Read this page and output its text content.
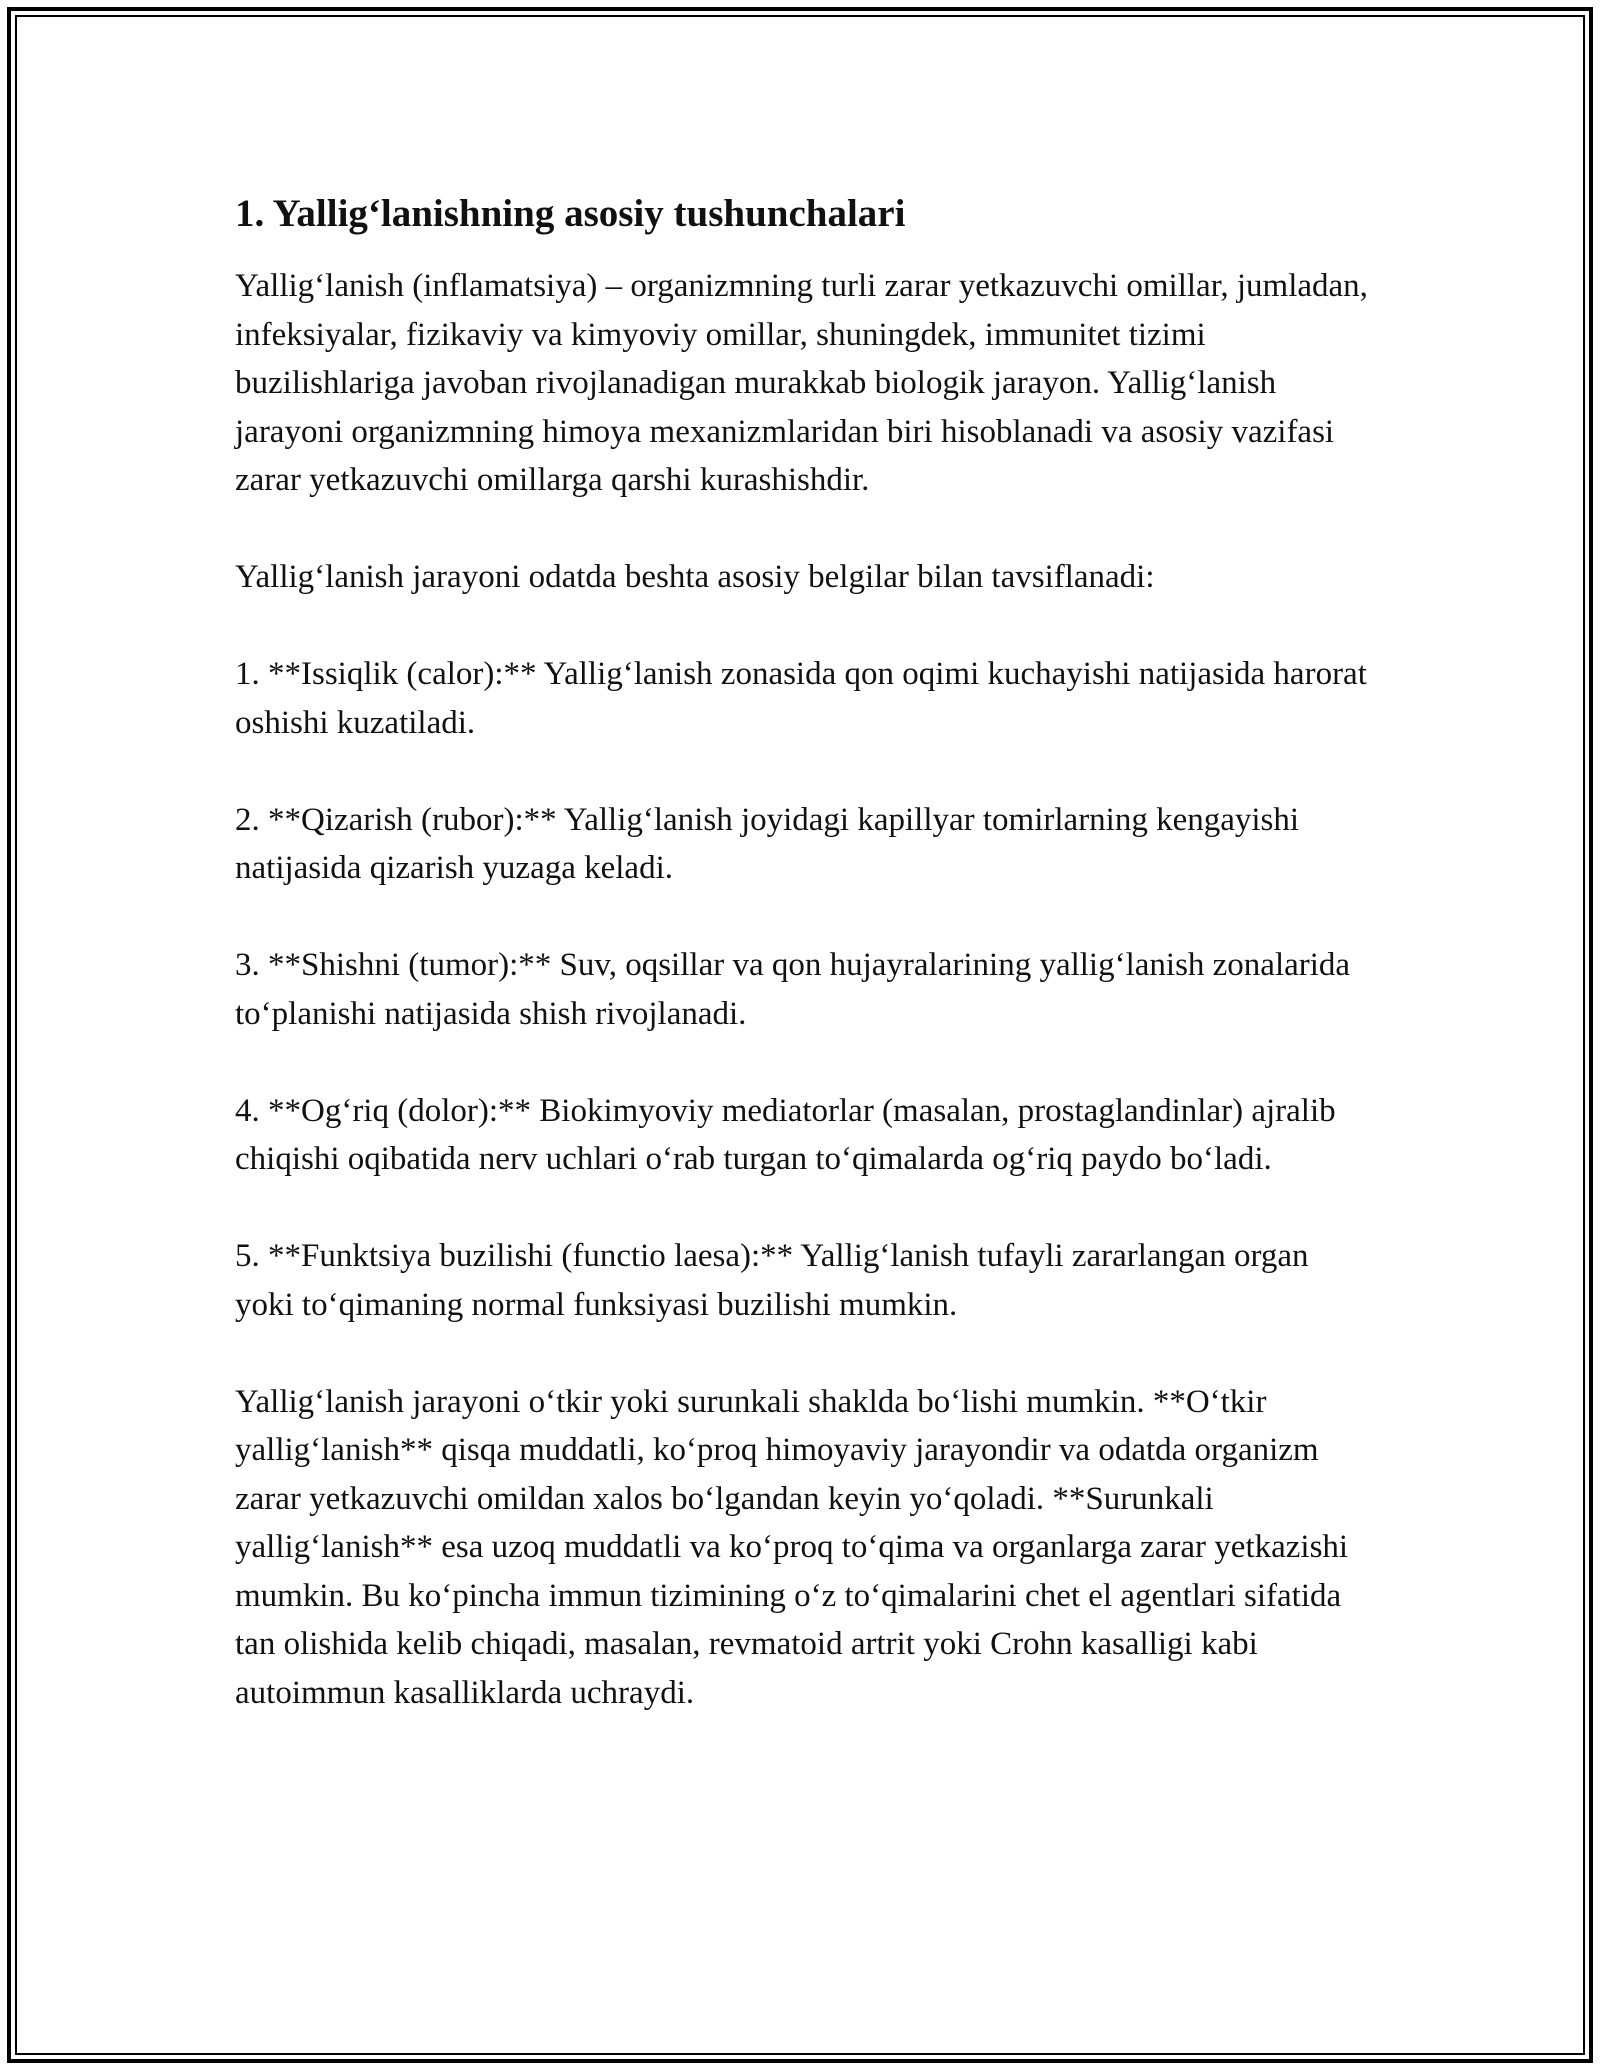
1. Yallig‘lanishning asosiy tushunchalari

Yallig‘lanish (inflamatsiya) – organizmning turli zarar yetkazuvchi omillar, jumladan, infeksiyalar, fizikaviy va kimyoviy omillar, shuningdek, immunitet tizimi buzilishlariga javoban rivojlanadigan murakkab biologik jarayon. Yallig‘lanish jarayoni organizmning himoya mexanizmlaridan biri hisoblanadi va asosiy vazifasi zarar yetkazuvchi omillarga qarshi kurashishdir.

Yallig‘lanish jarayoni odatda beshta asosiy belgilar bilan tavsiflanadi:

1. **Issiqlik (calor):** Yallig‘lanish zonasida qon oqimi kuchayishi natijasida harorat oshishi kuzatiladi.

2. **Qizarish (rubor):** Yallig‘lanish joyidagi kapillyar tomirlarning kengayishi natijasida qizarish yuzaga keladi.

3. **Shishni (tumor):** Suv, oqsillar va qon hujayralarining yallig‘lanish zonalarida to‘planishi natijasida shish rivojlanadi.

4. **Og‘riq (dolor):** Biokimyoviy mediatorlar (masalan, prostaglandinlar) ajralib chiqishi oqibatida nerv uchlari o‘rab turgan to‘qimalarda og‘riq paydo bo‘ladi.

5. **Funktsiya buzilishi (functio laesa):** Yallig‘lanish tufayli zararlangan organ yoki to‘qimaning normal funksiyasi buzilishi mumkin.

Yallig‘lanish jarayoni o‘tkir yoki surunkali shaklda bo‘lishi mumkin. **O‘tkir yallig‘lanish** qisqa muddatli, ko‘proq himoyaviy jarayondir va odatda organizm zarar yetkazuvchi omildan xalos bo‘lgandan keyin yo‘qoladi. **Surunkali yallig‘lanish** esa uzoq muddatli va ko‘proq to‘qima va organlarga zarar yetkazishi mumkin. Bu ko‘pincha immun tizimining o‘z to‘qimalarini chet el agentlari sifatida tan olishida kelib chiqadi, masalan, revmatoid artrit yoki Crohn kasalligi kabi autoimmun kasalliklarda uchraydi.
